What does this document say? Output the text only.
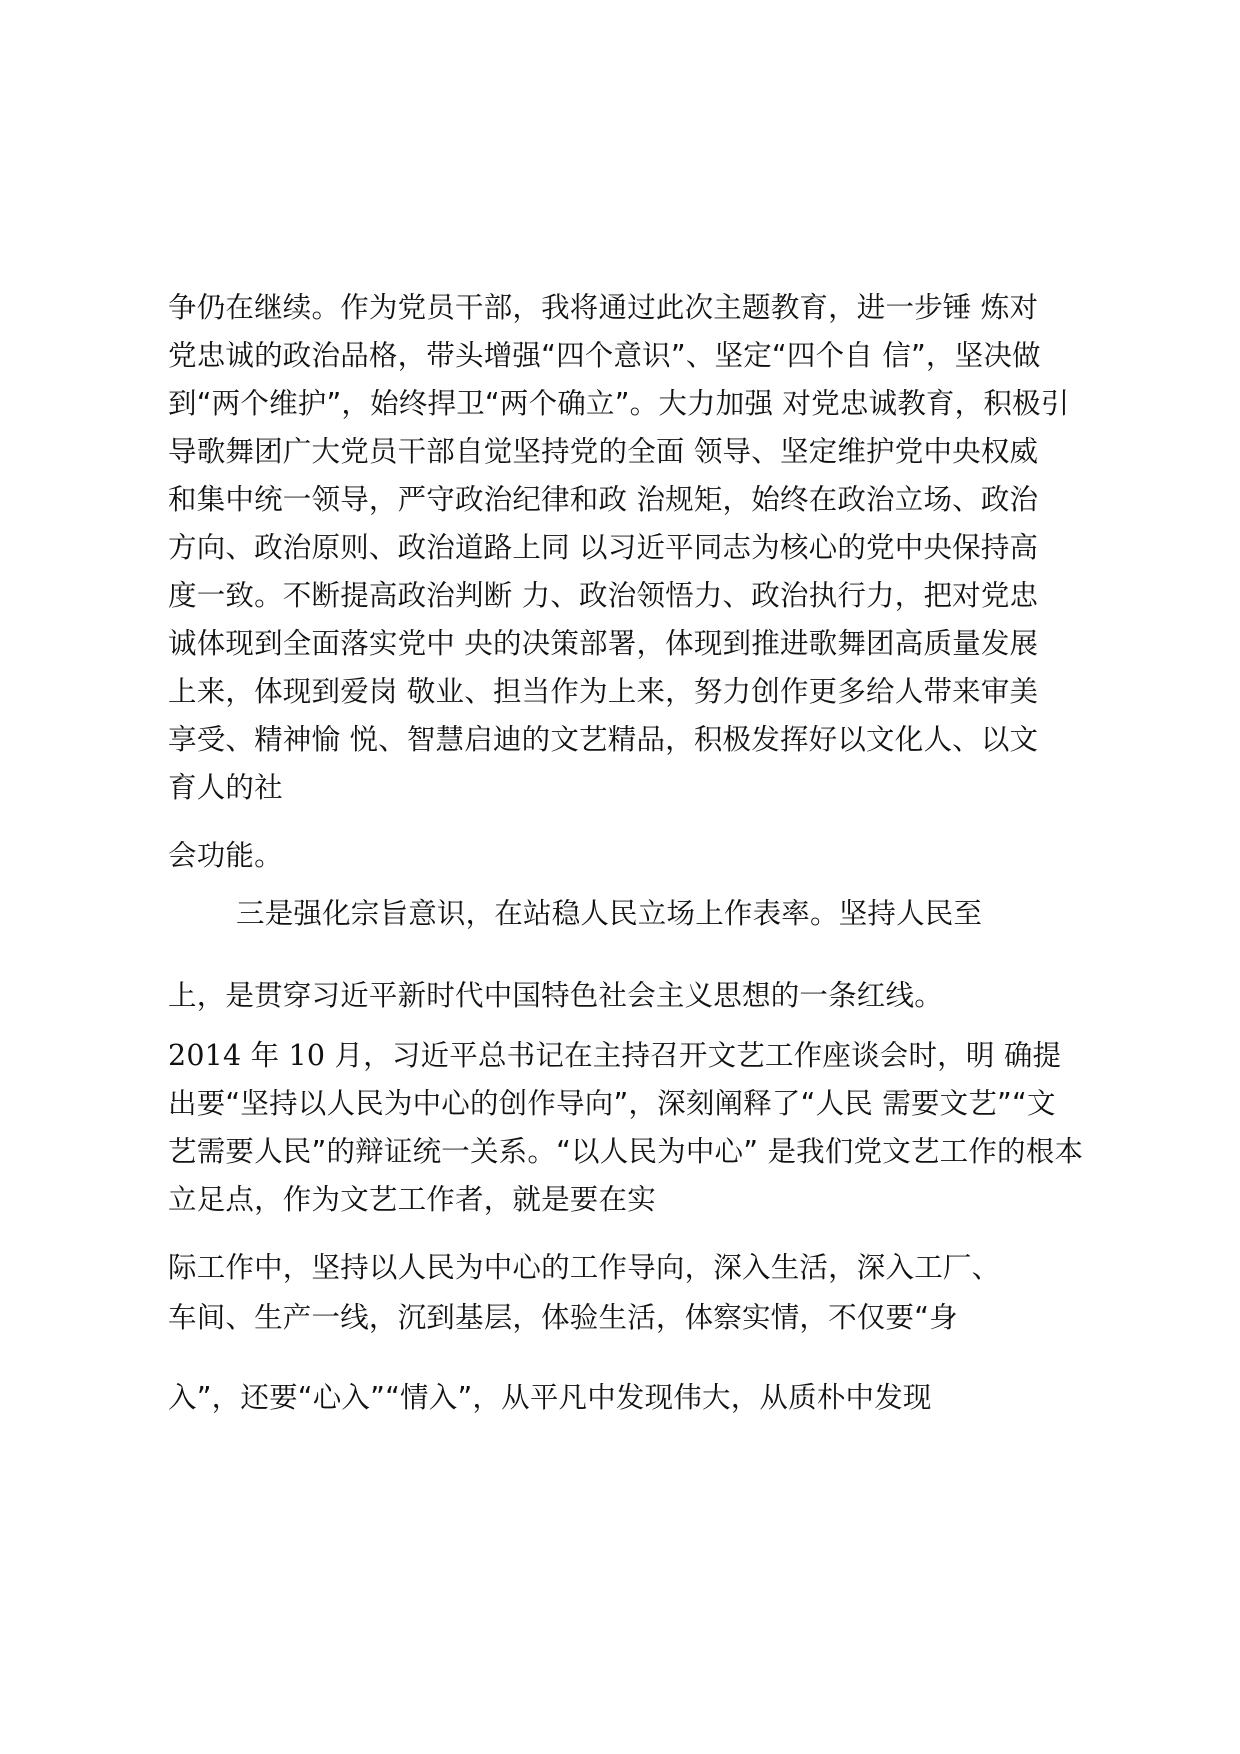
争仍在继续。作为党员干部，我将通过此次主题教育，进一步锤 炼对

党忠诚的政治品格，带头增强“四个意识”、坚定“四个自 信”，坚决做

到“两个维护”，始终捍卫“两个确立”。大力加强 对党忠诚教育，积极引

导歌舞团广大党员干部自觉坚持党的全面 领导、坚定维护党中央权威

和集中统一领导，严守政治纪律和政 治规矩，始终在政治立场、政治

方向、政治原则、政治道路上同 以习近平同志为核心的党中央保持高

度一致。不断提高政治判断 力、政治领悟力、政治执行力，把对党忠

诚体现到全面落实党中 央的决策部署，体现到推进歌舞团高质量发展

上来，体现到爱岗 敬业、担当作为上来，努力创作更多给人带来审美

享受、精神愉 悦、智慧启迪的文艺精品，积极发挥好以文化人、以文

育人的社

会功能。

三是强化宗旨意识，在站稳人民立场上作表率。坚持人民至

上，是贯穿习近平新时代中国特色社会主义思想的一条红线。

2014 年 10 月，习近平总书记在主持召开文艺工作座谈会时，明 确提

出要“坚持以人民为中心的创作导向”，深刻阐释了“人民 需要文艺”“文

艺需要人民”的辩证统一关系。“以人民为中心” 是我们党文艺工作的根本

立足点，作为文艺工作者，就是要在实

际工作中，坚持以人民为中心的工作导向，深入生活，深入工厂、

车间、生产一线，沉到基层，体验生活，体察实情，不仅要“身

入”，还要“心入”“情入”，从平凡中发现伟大，从质朴中发现
